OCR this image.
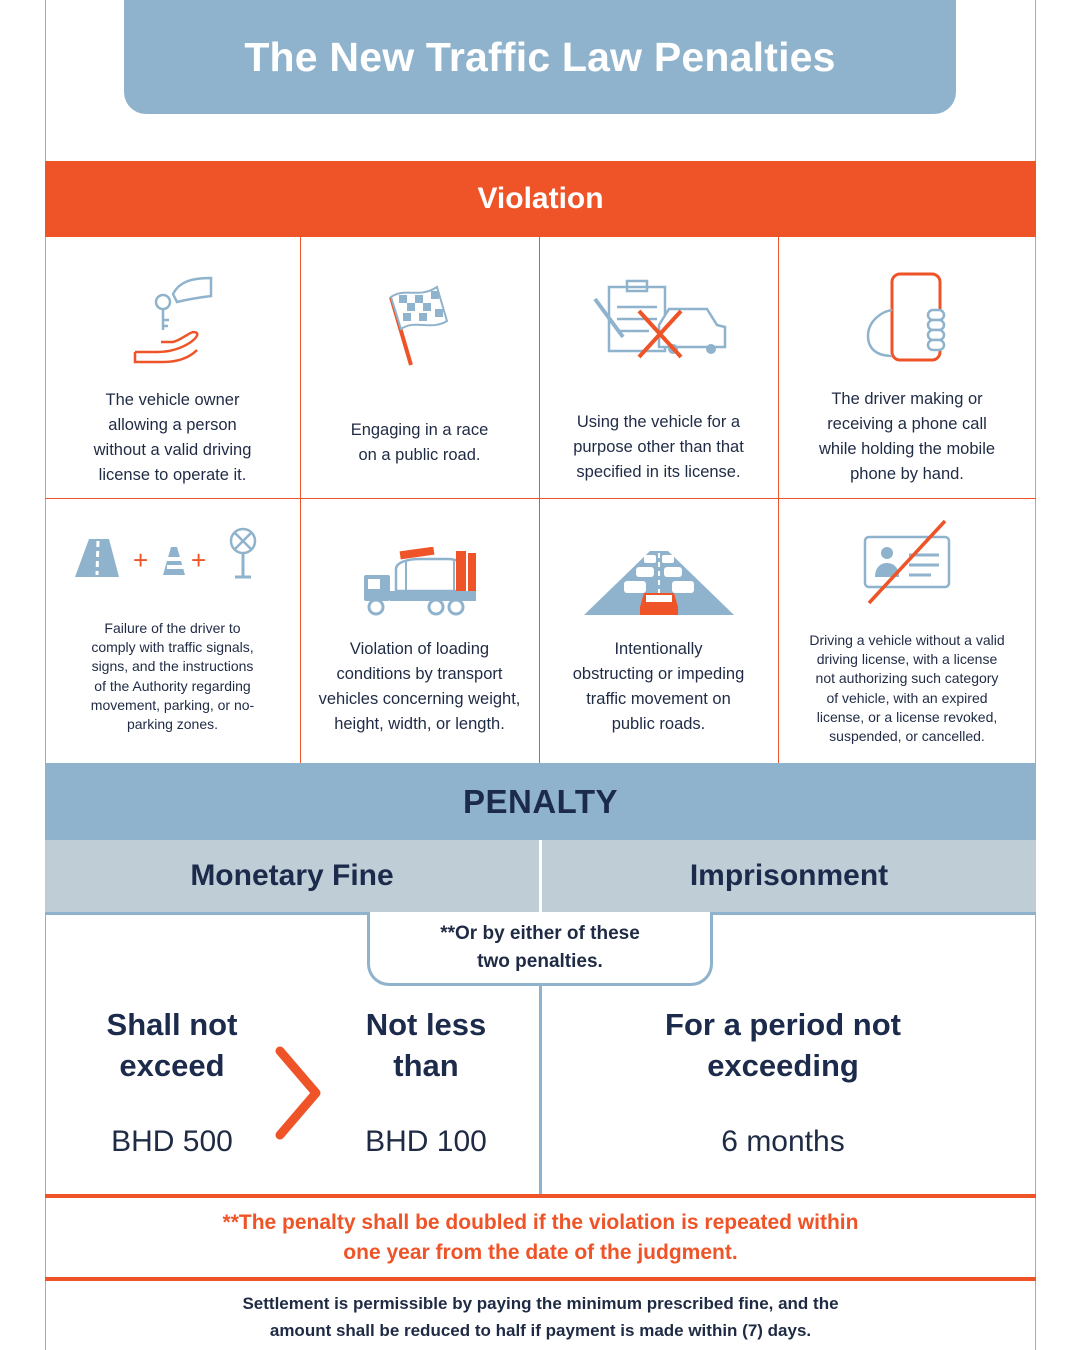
The New Traffic Law Penalties
Violation
The vehicle owner
allowing a person
without a valid driving
license to operate it.
Engaging in a race
on a public road.
Using the vehicle for a
purpose other than that
specified in its license.
The driver making or
receiving a phone call
while holding the mobile
phone by hand.
+ +
Failure of the driver to
comply with traffic signals,
signs, and the instructions
of the Authority regarding
movement, parking, or no-
parking zones.
Violation of loading
conditions by transport
vehicles concerning weight,
height, width, or length.
Intentionally
obstructing or impeding
traffic movement on
public roads.
Driving a vehicle without a valid
driving license, with a license
not authorizing such category
of vehicle, with an expired
license, or a license revoked,
suspended, or cancelled.
PENALTY
Monetary Fine	Imprisonment
**Or by either of these
two penalties.
Shall not
exceed
BHD 500
Not less
than
BHD 100
For a period not
exceeding
6 months
**The penalty shall be doubled if the violation is repeated within
one year from the date of the judgment.
Settlement is permissible by paying the minimum prescribed fine, and the
amount shall be reduced to half if payment is made within (7) days.
